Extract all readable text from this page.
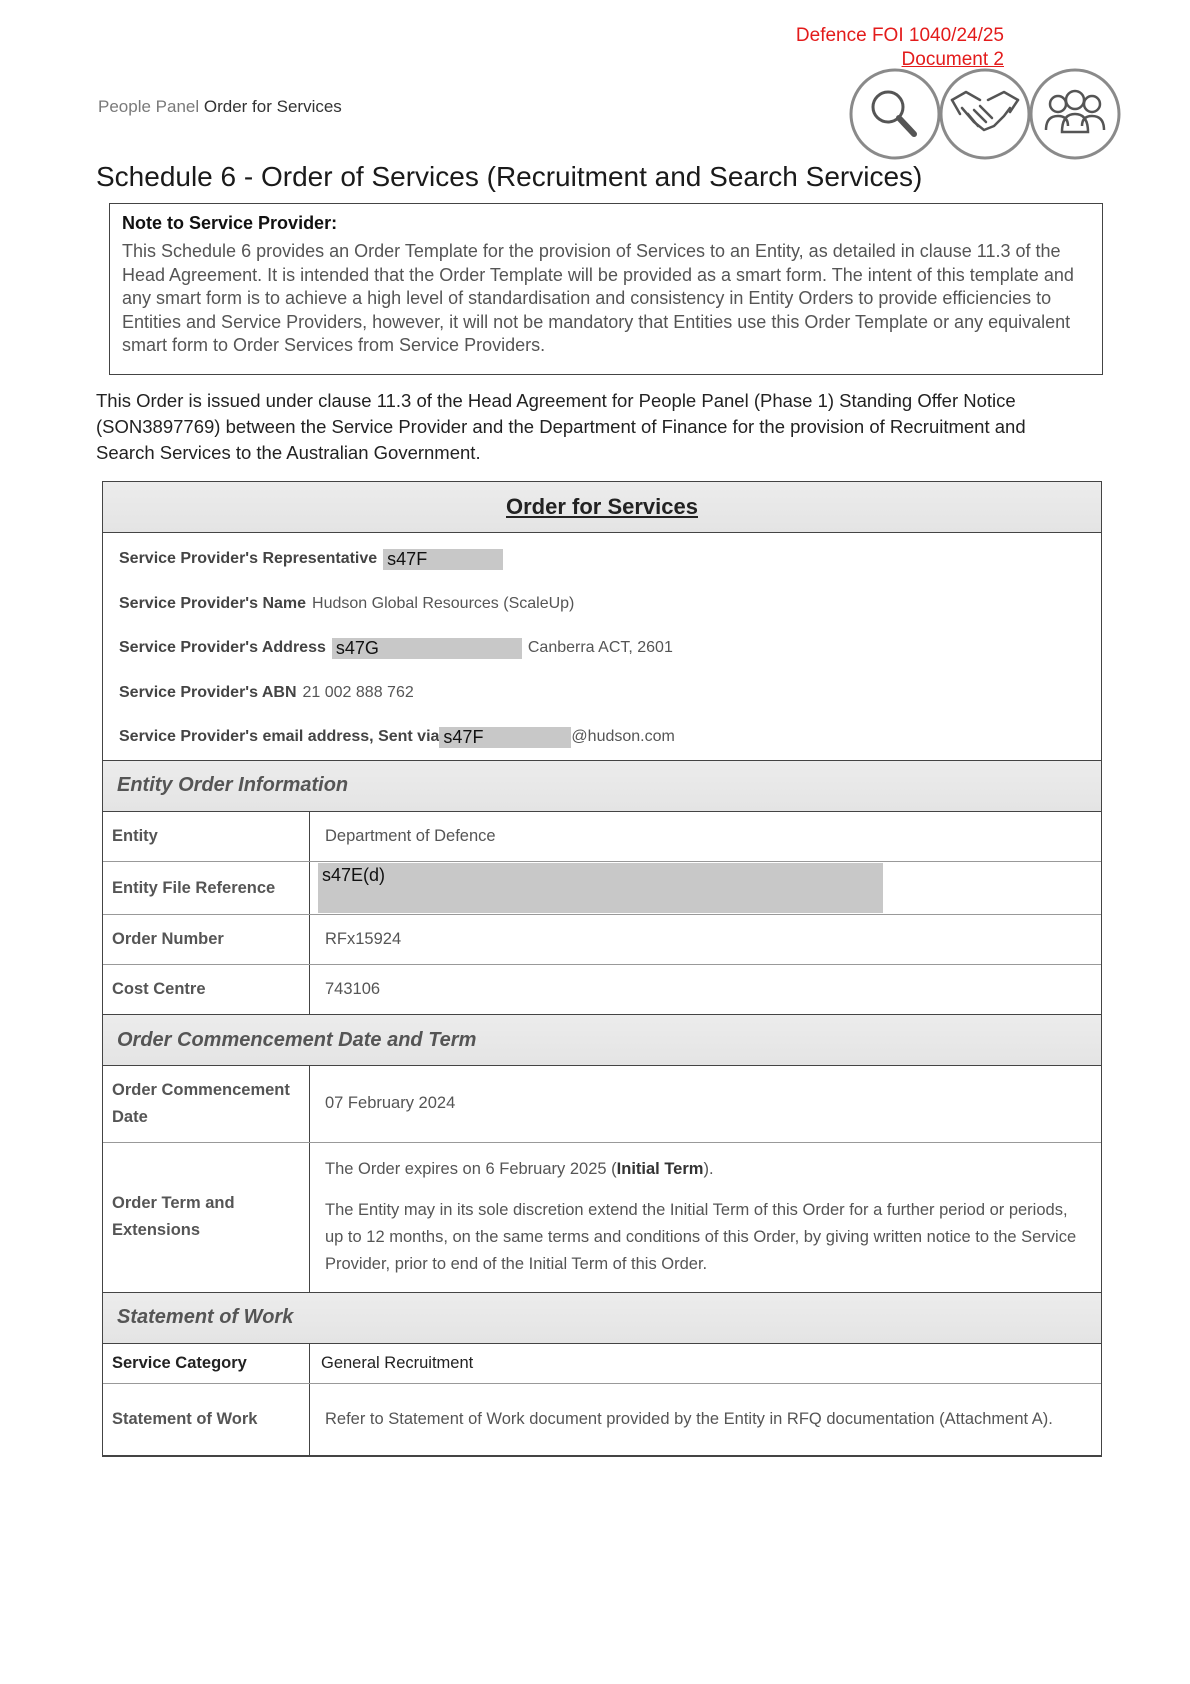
Defence FOI 1040/24/25
Document 2
People Panel Order for Services
Schedule 6 - Order of Services (Recruitment and Search Services)
Note to Service Provider:
This Schedule 6 provides an Order Template for the provision of Services to an Entity, as detailed in clause 11.3 of the Head Agreement. It is intended that the Order Template will be provided as a smart form. The intent of this template and any smart form is to achieve a high level of standardisation and consistency in Entity Orders to provide efficiencies to Entities and Service Providers, however, it will not be mandatory that Entities use this Order Template or any equivalent smart form to Order Services from Service Providers.
This Order is issued under clause 11.3 of the Head Agreement for People Panel (Phase 1) Standing Offer Notice (SON3897769) between the Service Provider and the Department of Finance for the provision of Recruitment and Search Services to the Australian Government.
Order for Services
Service Provider's Representative s47F
Service Provider's Name Hudson Global Resources (ScaleUp)
Service Provider's Address s47G	Canberra ACT, 2601
Service Provider's ABN 21 002 888 762
Service Provider's email address, Sent via s47F	@hudson.com
Entity Order Information
Entity	Department of Defence
Entity File Reference	s47E(d)
Order Number	RFx15924
Cost Centre	743106
Order Commencement Date and Term
Order Commencement Date	07 February 2024
Order Term and Extensions	The Order expires on 6 February 2025 (Initial Term).

The Entity may in its sole discretion extend the Initial Term of this Order for a further period or periods, up to 12 months, on the same terms and conditions of this Order, by giving written notice to the Service Provider, prior to end of the Initial Term of this Order.

Statement of Work
Service Category	General Recruitment
Statement of Work	Refer to Statement of Work document provided by the Entity in RFQ documentation (Attachment A).
